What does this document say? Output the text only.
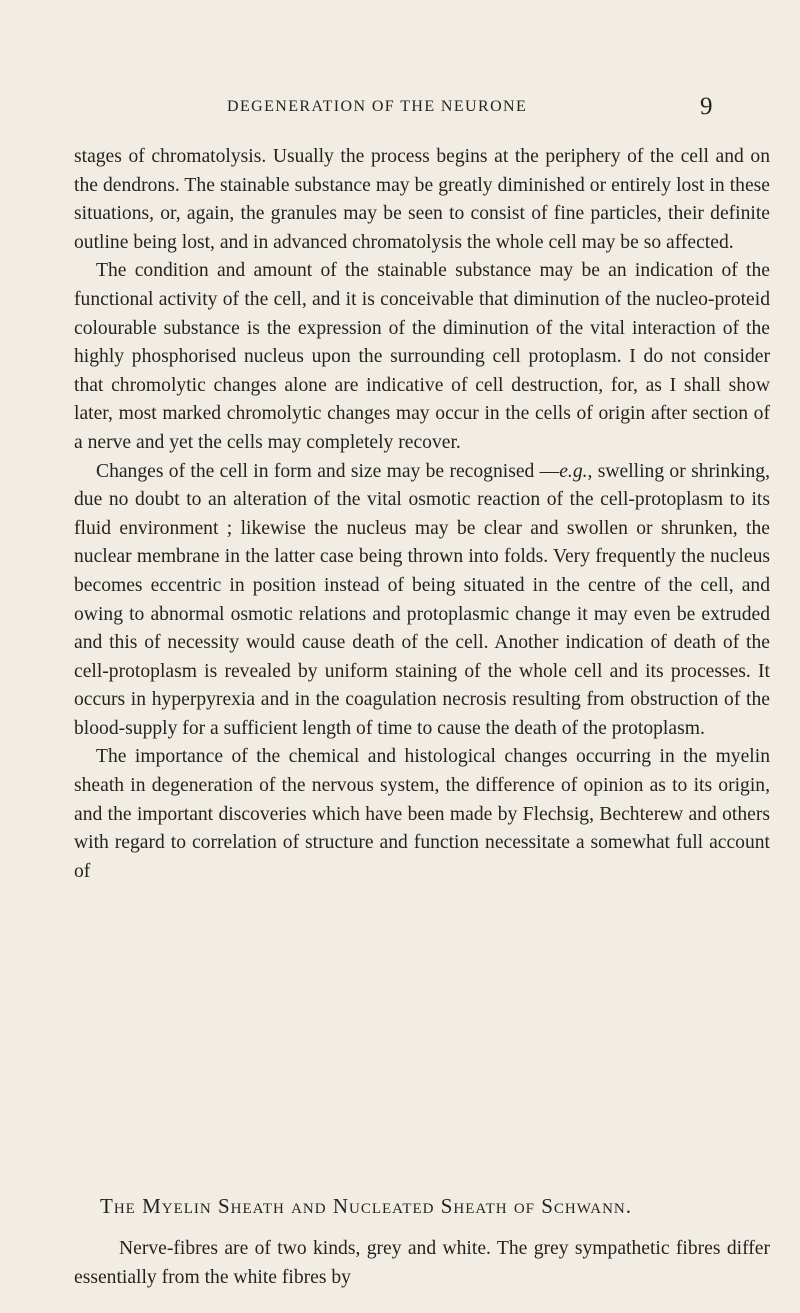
DEGENERATION OF THE NEURONE	9

stages of chromatolysis. Usually the process begins at the periphery of the cell and on the dendrons. The stainable substance may be greatly diminished or entirely lost in these situations, or, again, the granules may be seen to consist of fine particles, their definite outline being lost, and in advanced chromatolysis the whole cell may be so affected.

The condition and amount of the stainable substance may be an indication of the functional activity of the cell, and it is conceivable that diminution of the nucleo-proteid colourable substance is the expression of the diminution of the vital interaction of the highly phosphorised nucleus upon the surrounding cell protoplasm. I do not consider that chromolytic changes alone are indicative of cell destruction, for, as I shall show later, most marked chromolytic changes may occur in the cells of origin after section of a nerve and yet the cells may completely recover.

Changes of the cell in form and size may be recognised —e.g., swelling or shrinking, due no doubt to an alteration of the vital osmotic reaction of the cell-protoplasm to its fluid environment ; likewise the nucleus may be clear and swollen or shrunken, the nuclear membrane in the latter case being thrown into folds. Very frequently the nucleus becomes eccentric in position instead of being situated in the centre of the cell, and owing to abnormal osmotic relations and protoplasmic change it may even be extruded and this of necessity would cause death of the cell. Another indication of death of the cell-protoplasm is revealed by uniform staining of the whole cell and its processes. It occurs in hyperpyrexia and in the coagulation necrosis resulting from obstruction of the blood-supply for a sufficient length of time to cause the death of the protoplasm.

The importance of the chemical and histological changes occurring in the myelin sheath in degeneration of the nervous system, the difference of opinion as to its origin, and the important discoveries which have been made by Flechsig, Bechterew and others with regard to correlation of structure and function necessitate a somewhat full account of

The Myelin Sheath and Nucleated Sheath of Schwann.

Nerve-fibres are of two kinds, grey and white. The grey sympathetic fibres differ essentially from the white fibres by
